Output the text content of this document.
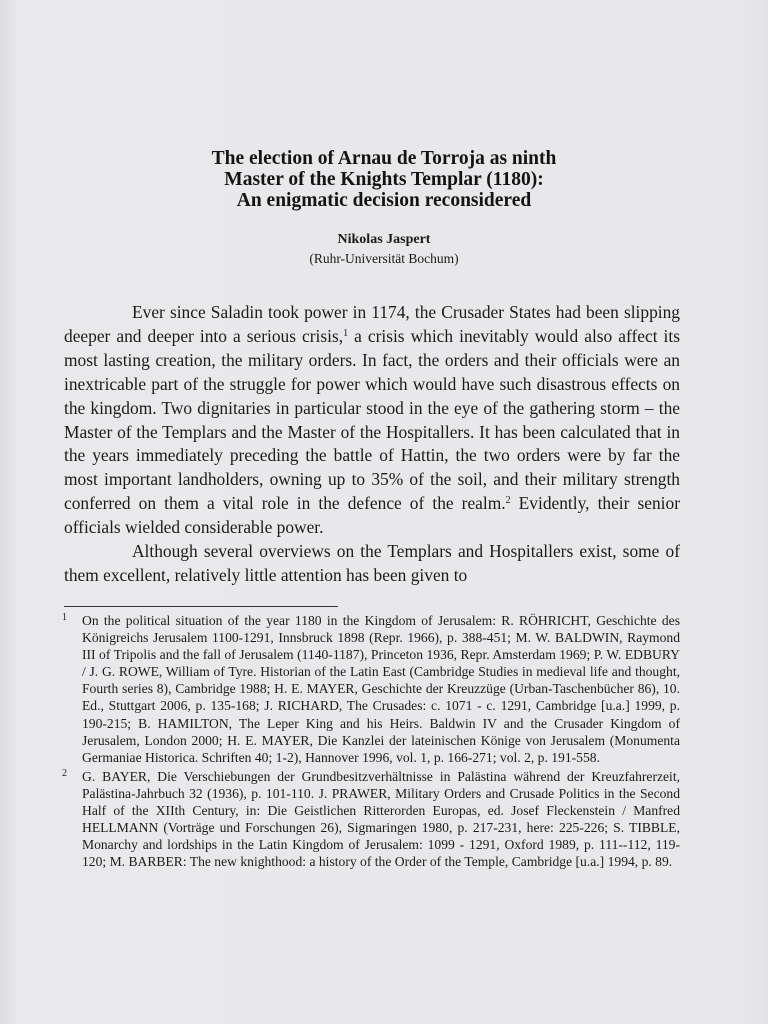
The election of Arnau de Torroja as ninth
Master of the Knights Templar (1180):
An enigmatic decision reconsidered
Nikolas Jaspert
(Ruhr-Universität Bochum)

Ever since Saladin took power in 1174, the Crusader States had been slipping deeper and deeper into a serious crisis,$^1$ a crisis which inevitably would also affect its most lasting creation, the military orders. In fact, the orders and their officials were an inextricable part of the struggle for power which would have such disastrous effects on the kingdom. Two dignitaries in particular stood in the eye of the gathering storm – the Master of the Templars and the Master of the Hospitallers. It has been calculated that in the years immediately preceding the battle of Hattin, the two orders were by far the most important landholders, owning up to 35% of the soil, and their military strength conferred on them a vital role in the defence of the realm.$^2$ Evidently, their senior officials wielded considerable power.

Although several overviews on the Templars and Hospitallers exist, some of them excellent, relatively little attention has been given to

1 On the political situation of the year 1180 in the Kingdom of Jerusalem: R. RÖHRICHT, Geschichte des Königreichs Jerusalem 1100-1291, Innsbruck 1898 (Repr. 1966), p. 388-451; M. W. BALDWIN, Raymond III of Tripolis and the fall of Jerusalem (1140-1187), Princeton 1936, Repr. Amsterdam 1969; P. W. EDBURY / J. G. ROWE, William of Tyre. Historian of the Latin East (Cambridge Studies in medieval life and thought, Fourth series 8), Cambridge 1988; H. E. MAYER, Geschichte der Kreuzzüge (Urban-Taschenbücher 86), 10. Ed., Stuttgart 2006, p. 135-168; J. RICHARD, The Crusades: c. 1071 - c. 1291, Cambridge [u.a.] 1999, p. 190-215; B. HAMILTON, The Leper King and his Heirs. Baldwin IV and the Crusader Kingdom of Jerusalem, London 2000; H. E. MAYER, Die Kanzlei der lateinischen Könige von Jerusalem (Monumenta Germaniae Historica. Schriften 40; 1-2), Hannover 1996, vol. 1, p. 166-271; vol. 2, p. 191-558.
2 G. BAYER, Die Verschiebungen der Grundbesitzverhältnisse in Palästina während der Kreuzfahrerzeit, Palästina-Jahrbuch 32 (1936), p. 101-110. J. PRAWER, Military Orders and Crusade Politics in the Second Half of the XIIth Century, in: Die Geistlichen Ritterorden Europas, ed. Josef Fleckenstein / Manfred HELLMANN (Vorträge und Forschungen 26), Sigmaringen 1980, p. 217-231, here: 225-226; S. TIBBLE, Monarchy and lordships in the Latin Kingdom of Jerusalem: 1099 - 1291, Oxford 1989, p. 111--112, 119-120; M. BARBER: The new knighthood: a history of the Order of the Temple, Cambridge [u.a.] 1994, p. 89.
